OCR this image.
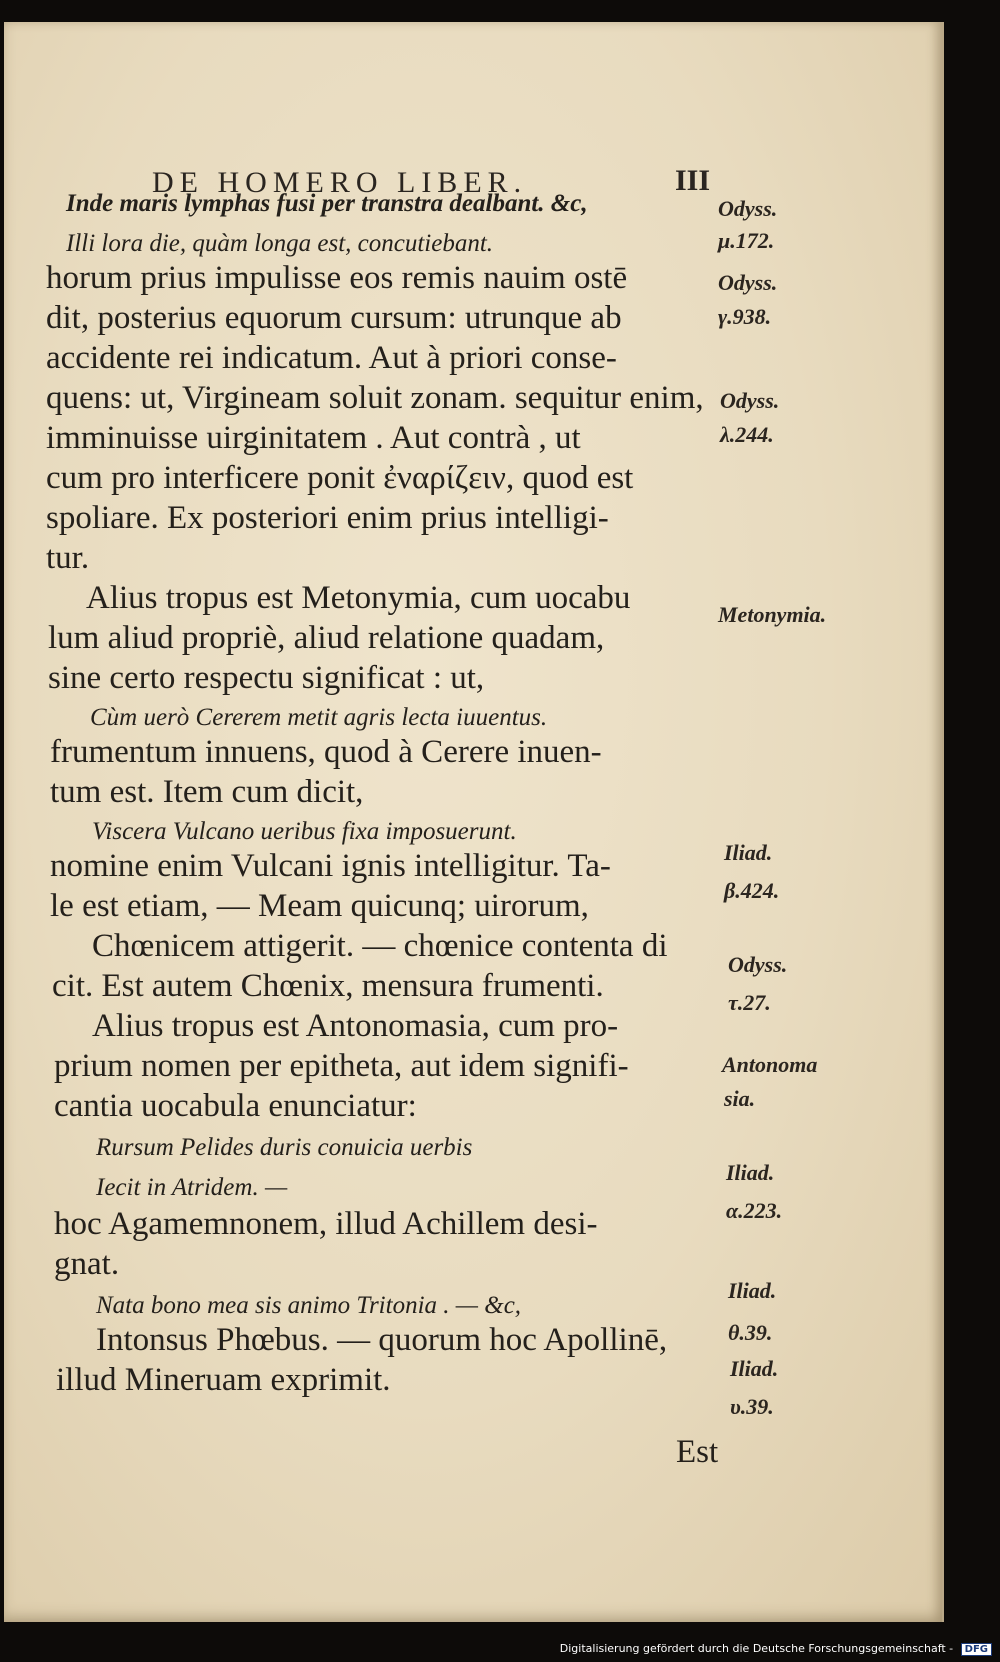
DE HOMERO LIBER.	III
Inde maris lymphas fusi per transtra dealbant. &c,
Illi lora die, quàm longa est, concutiebant.
horum prius impulisse eos remis nauim ostē
dit, posterius equorum cursum: utrunque ab
accidente rei indicatum. Aut à priori conse-
quens: ut, Virgineam soluit zonam. sequitur enim,
imminuisse uirginitatem . Aut contrà , ut
cum pro interficere ponit ἐναρίζειν, quod est
spoliare. Ex posteriori enim prius intelligi-
tur.
Alius tropus est Metonymia, cum uocabu
lum aliud propriè, aliud relatione quadam,
sine certo respectu significat : ut,
Cùm uerò Cererem metit agris lecta iuuentus.
frumentum innuens, quod à Cerere inuen-
tum est. Item cum dicit,
Viscera Vulcano ueribus fixa imposuerunt.
nomine enim Vulcani ignis intelligitur. Ta-
le est etiam, — Meam quicunq; uirorum,
Chœnicem attigerit. — chœnice contenta di
cit. Est autem Chœnix, mensura frumenti.
Alius tropus est Antonomasia, cum pro-
prium nomen per epitheta, aut idem signifi-
cantia uocabula enunciatur:
Rursum Pelides duris conuicia uerbis
Iecit in Atridem. —
hoc Agamemnonem, illud Achillem desi-
gnat.
Nata bono mea sis animo Tritonia . — &c,
Intonsus Phœbus. — quorum hoc Apollinē,
illud Mineruam exprimit.
Est
Odyss.
μ.172.
Odyss.
γ.938.
Odyss.
λ.244.
Metonymia.
Iliad.
β.424.
Odyss.
τ.27.
Antonoma
sia.
Iliad.
α.223.
Iliad.
θ.39.
Iliad.
υ.39.
Digitalisierung gefördert durch die Deutsche Forschungsgemeinschaft - DFG
